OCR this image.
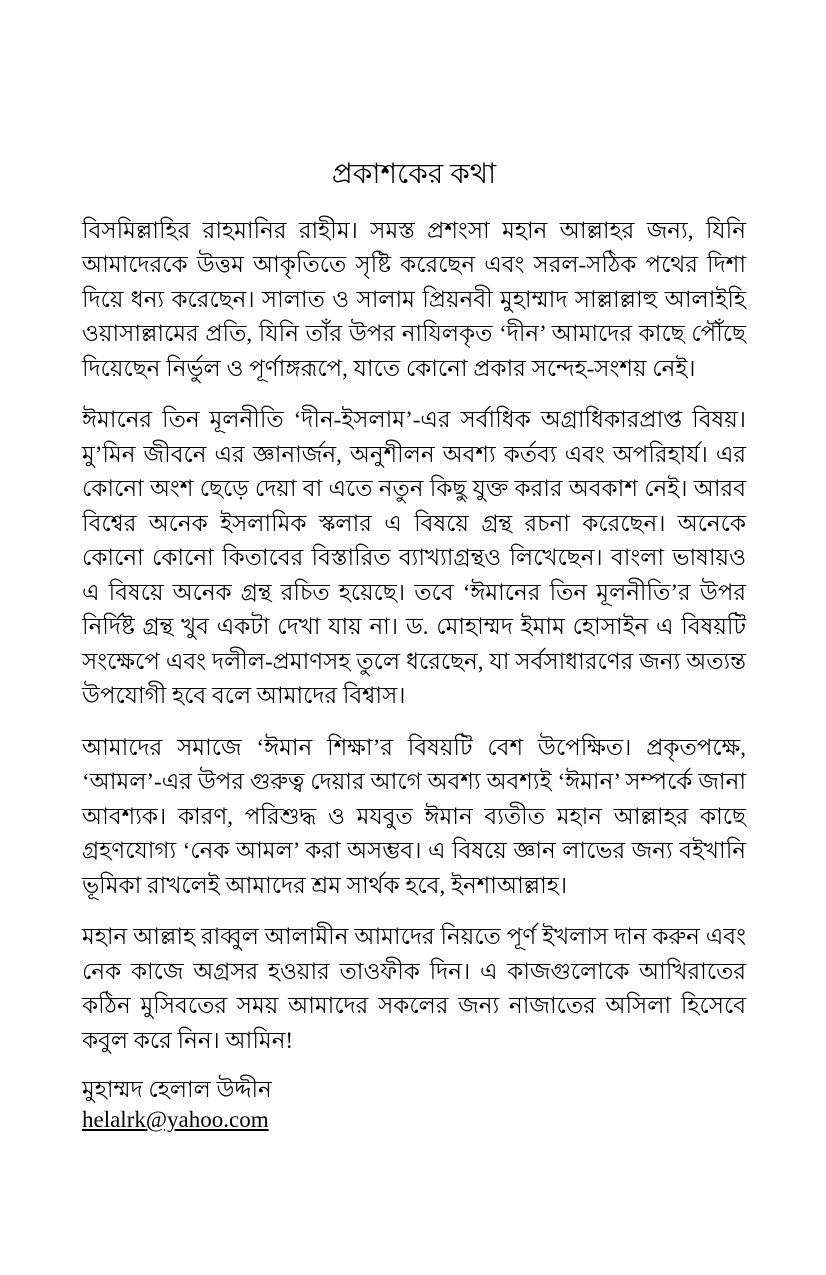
প্রকাশকের কথা

বিসমিল্লাহির রাহমানির রাহীম। সমস্ত প্রশংসা মহান আল্লাহর জন্য, যিনি আমাদেরকে উত্তম আকৃতিতে সৃষ্টি করেছেন এবং সরল-সঠিক পথের দিশা দিয়ে ধন্য করেছেন। সালাত ও সালাম প্রিয়নবী মুহাম্মাদ সাল্লাল্লাহু আলাইহি ওয়াসাল্লামের প্রতি, যিনি তাঁর উপর নাযিলকৃত ‘দীন’ আমাদের কাছে পৌঁছে দিয়েছেন নির্ভুল ও পূর্ণাঙ্গরূপে, যাতে কোনো প্রকার সন্দেহ-সংশয় নেই।

ঈমানের তিন মূলনীতি ‘দীন-ইসলাম’-এর সর্বাধিক অগ্রাধিকারপ্রাপ্ত বিষয়। মু’মিন জীবনে এর জ্ঞানার্জন, অনুশীলন অবশ্য কর্তব্য এবং অপরিহার্য। এর কোনো অংশ ছেড়ে দেয়া বা এতে নতুন কিছু যুক্ত করার অবকাশ নেই। আরব বিশ্বের অনেক ইসলামিক স্কলার এ বিষয়ে গ্রন্থ রচনা করেছেন। অনেকে কোনো কোনো কিতাবের বিস্তারিত ব্যাখ্যাগ্রন্থও লিখেছেন। বাংলা ভাষায়ও এ বিষয়ে অনেক গ্রন্থ রচিত হয়েছে। তবে ‘ঈমানের তিন মূলনীতি’র উপর নির্দিষ্ট গ্রন্থ খুব একটা দেখা যায় না। ড. মোহাম্মদ ইমাম হোসাইন এ বিষয়টি সংক্ষেপে এবং দলীল-প্রমাণসহ তুলে ধরেছেন, যা সর্বসাধারণের জন্য অত্যন্ত উপযোগী হবে বলে আমাদের বিশ্বাস।

আমাদের সমাজে ‘ঈমান শিক্ষা’র বিষয়টি বেশ উপেক্ষিত। প্রকৃতপক্ষে, ‘আমল’-এর উপর গুরুত্ব দেয়ার আগে অবশ্য অবশ্যই ‘ঈমান’ সম্পর্কে জানা আবশ্যক। কারণ, পরিশুদ্ধ ও মযবুত ঈমান ব্যতীত মহান আল্লাহর কাছে গ্রহণযোগ্য ‘নেক আমল’ করা অসম্ভব। এ বিষয়ে জ্ঞান লাভের জন্য বইখানি ভূমিকা রাখলেই আমাদের শ্রম সার্থক হবে, ইনশাআল্লাহ।

মহান আল্লাহ রাব্বুল আলামীন আমাদের নিয়তে পূর্ণ ইখলাস দান করুন এবং নেক কাজে অগ্রসর হওয়ার তাওফীক দিন। এ কাজগুলোকে আখিরাতের কঠিন মুসিবতের সময় আমাদের সকলের জন্য নাজাতের অসিলা হিসেবে কবুল করে নিন। আমিন!

মুহাম্মদ হেলাল উদ্দীন
helalrk@yahoo.com
